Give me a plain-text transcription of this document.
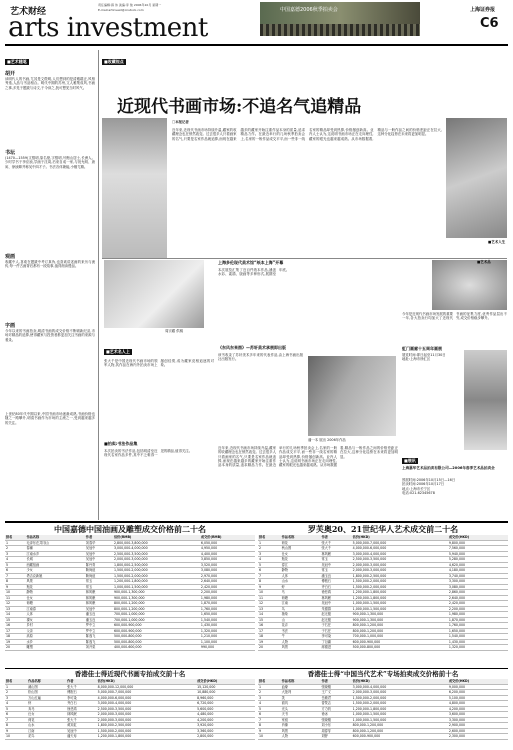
艺术财经
arts investment
责任编辑:薛 伟 美编:李 俊 2006年10月 星期一
E-mail:artinvest@cnstock.com	中国嘉德2006秋季拍卖会	上海证券报
C6
■艺术随笔
胡开
读明代人的书画,尤其是文徵明,人们想到的是清雅端正,风格秀逸,人品与书品相合。明代中期的苏州,文人雅集成风,书画之事,多见于题跋与诗文,于今读之,犹可想见当时风气。
书坛
(1470—1559)文徵明,原名壁,字徵明,号衡山居士,长洲人。少时学书于李应祯,学画于沈周,后来自成一家,与祝允明、唐寅、徐祯卿并称吴中四才子。书法各体兼能,小楷尤精。
观画
收藏中人,喜欢在题跋中考订真伪,也喜欢讲述画的来历与流传,每一件古画背后都有一段故事,值得细读慢品。
字画
今年以来的书画拍卖,明清书画的成交价格不断刷新纪录,市场对精品的追捧,使得藏家与投资者都更加关注书画的来源与著录。
上世纪80年代中期以来,中国书画市场逐渐成熟,书画价格也随之一路攀升,明清书画作为市场的主流之一,受到越来越多的关注。
■收藏视点
近现代书画市场:不追名气追精品
□本报记者
近年来,近现代书画市场持续升温,藏家的收藏理念也在悄然改变。过去很多人只看画家的名气,只要是名家作品就追捧,而现在越来越多的藏家开始注重作品本身的质量,追求精品力作。在最近举行的几场秋季拍卖会上,名家的一般作品成交平平,而一些非一线名家的精品却受到热捧,价格屡创新高。业内人士认为,这说明书画市场正在走向理性,藏家的眼光也越来越成熟。从市场数据看,精品与一般作品之间的价格差距正在拉大,这种分化趋势在未来将更加明显。
■艺术人生
周宗藏 供稿
■艺术名人上
张大千是中国近现代书画市场的领军人物,其作品在海内外拍卖市场上屡创佳绩,成为藏家竞相追逐的对象。
■拍卖:书法作品集
本次拍卖的书法作品,包括明清至近现代名家作品多件,其中不乏难得一见的精品,值得关注。
上海多伦现代美术馆“纸本上海”开幕
本次展览汇集了近百件纸本作品,涵盖水彩、素描、版画等多种形式,展期至年底。
《东风东来图》—苏轩美术承展即出版
该书收录了苏轩美术多年来的代表作品,由上海书画出版社出版发行。
潘一本 展出 2006年作品
近年来,近现代书画市场持续升温,藏家的收藏理念也在悄然改变。过去很多人只看画家的名气,只要是名家作品就追捧,而现在越来越多的藏家开始注重作品本身的质量,追求精品力作。在最近举行的几场秋季拍卖会上,名家的一般作品成交平平,而一些非一线名家的精品却受到热捧,价格屡创新高。业内人士认为,这说明书画市场正在走向理性,藏家的眼光也越来越成熟。从市场数据看,精品与一般作品之间的价格差距正在拉大,这种分化趋势在未来将更加明显。
■艺术品
今年是近现代书画市场发展的重要一年,各大拍卖行均加大了近现代书画的征集力度,优秀作品层出不穷,成交价格稳步攀升。
虹门画廊十五周年画展
展览时间:即日起至11月30日
地址:上海市徐汇区
■展讯
上海嘉华艺术品拍卖有限公司—2006年春季艺术品拍卖会
预展时间:2006年10月15日—16日
拍卖时间:2006年10月17日
地点:上海市长宁区
电话:021-62345678
中国嘉德中国油画及雕塑成交价格前二十名
排名	作品名称	作者	估价(RMB)	成交价(RMB)
1	毛泽东在井冈山	刘春华	2,800,000-3,800,000	6,050,000
2	春潮	吴冠中	3,000,000-4,000,000	4,950,000
3	江南水乡	吴冠中	2,500,000-3,500,000	4,400,000
4	长城	吴冠中	2,000,000-3,000,000	3,850,000
5	西藏组画	陈丹青	1,800,000-2,500,000	3,520,000
6	少女	靳尚谊	1,500,000-2,000,000	3,080,000
7	塔吉克新娘	靳尚谊	1,500,000-2,000,000	2,970,000
8	风景	常玉	1,200,000-1,800,000	2,640,000
9	瓶花	常玉	1,000,000-1,500,000	2,420,000
10	静物	林风眠	900,000-1,300,000	2,200,000
11	仕女	林风眠	900,000-1,300,000	1,980,000
12	荷塘	林风眠	800,000-1,200,000	1,870,000
13	江南春	吴冠中	800,000-1,200,000	1,760,000
14	人体	潘玉良	700,000-1,000,000	1,650,000
15	裸女	潘玉良	700,000-1,000,000	1,540,000
16	乡村	罗中立	600,000-900,000	1,430,000
17	父亲	罗中立	600,000-900,000	1,320,000
18	高原	陈逸飞	500,000-800,000	1,210,000
19	水乡	陈逸飞	500,000-800,000	1,100,000
20	雕塑	刘开渠	400,000-600,000	990,000
罗芙奥20、21世纪华人艺术成交前二十名
排名	作品名称	作者	估价(HKD)	成交价(HKD)
1	荷花	张大千	5,000,000-7,000,000	9,800,000
2	秋山图	张大千	4,000,000-6,000,000	7,560,000
3	仕女	林风眠	3,000,000-4,000,000	5,940,000
4	瓶花	常玉	2,500,000-3,500,000	5,280,000
5	春江	吴冠中	2,000,000-3,000,000	4,620,000
6	静物	常玉	2,000,000-3,000,000	4,180,000
7	人体	潘玉良	1,800,000-2,500,000	3,740,000
8	山水	傅抱石	1,500,000-2,000,000	3,300,000
9	虾	齐白石	1,500,000-2,000,000	3,080,000
10	马	徐悲鸿	1,200,000-1,800,000	2,860,000
11	荷塘	林风眠	1,200,000-1,800,000	2,640,000
12	江南	吴冠中	1,000,000-1,500,000	2,420,000
13	鸟	朱德群	1,000,000-1,500,000	2,200,000
14	抽象	赵无极	900,000-1,300,000	1,980,000
15	山	赵无极	900,000-1,300,000	1,870,000
16	花卉	于右任	800,000-1,200,000	1,760,000
17	书法	于右任	800,000-1,200,000	1,650,000
18	牛	李可染	700,000-1,000,000	1,540,000
19	人物	丁衍庸	600,000-900,000	1,430,000
20	风景	席德进	500,000-800,000	1,320,000
香港佳士得近现代书画专拍成交前十名
排名	作品名称	作者	估价(HKD)	成交价(HKD)
1	溪山图	张大千	8,000,000-12,000,000	15,120,000
2	松山图	傅抱石	5,000,000-7,000,000	10,880,000
3	万山红遍	李可染	4,000,000-6,000,000	8,960,000
4	虾	齐白石	3,000,000-4,000,000	6,720,000
5	奔马	徐悲鸿	2,500,000-3,500,000	5,600,000
6	仕女	林风眠	2,000,000-3,000,000	4,480,000
7	荷花	张大千	2,000,000-3,000,000	4,200,000
8	山水	黄宾虹	1,800,000-2,500,000	3,920,000
9	江南	吴冠中	1,500,000-2,000,000	3,360,000
10	花鸟	潘天寿	1,200,000-1,800,000	2,800,000
香港佳士得“中国当代艺术”专场拍卖成交价格前十名
排名	作品名称	作者	估价(HKD)	成交价(HKD)
1	血缘	张晓刚	3,000,000-4,000,000	9,000,000
2	大批判	王广义	2,000,000-3,000,000	6,200,000
3	笑	岳敏君	1,500,000-2,000,000	5,100,000
4	面具	曾梵志	1,500,000-2,000,000	4,800,000
5	光头	方力钧	1,200,000-1,800,000	4,200,000
6	天书	徐冰	1,000,000-1,500,000	3,600,000
7	家庭	张晓刚	1,000,000-1,500,000	3,300,000
8	肖像	刘小东	800,000-1,200,000	2,900,000
9	风景	周春芽	800,000-1,200,000	2,600,000
10	人物	刘野	600,000-900,000	2,300,000
